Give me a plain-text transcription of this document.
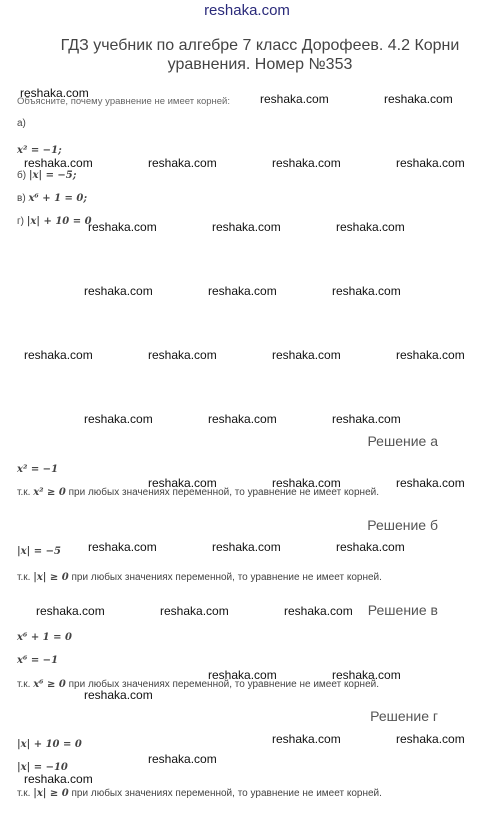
reshaka.com
ГДЗ учебник по алгебре 7 класс Дорофеев. 4.2 Корни уравнения. Номер №353
Объясните, почему уравнение не имеет корней:
а)
x² = −1;
б) |x| = −5;
в) x⁶ + 1 = 0;
г) |x| + 10 = 0
Решение а
x² = −1
т.к. x² ≥ 0 при любых значениях переменной, то уравнение не имеет корней.
Решение б
|x| = −5
т.к. |x| ≥ 0 при любых значениях переменной, то уравнение не имеет корней.
Решение в
x⁶ + 1 = 0
x⁶ = −1
т.к. x⁶ ≥ 0 при любых значениях переменной, то уравнение не имеет корней.
Решение г
|x| + 10 = 0
|x| = −10
т.к. |x| ≥ 0 при любых значениях переменной, то уравнение не имеет корней.
reshaka.com	reshaka.com	reshaka.com
reshaka.com	reshaka.com	reshaka.com	reshaka.com
reshaka.com	reshaka.com	reshaka.com
reshaka.com	reshaka.com	reshaka.com
reshaka.com	reshaka.com	reshaka.com	reshaka.com
reshaka.com	reshaka.com	reshaka.com
reshaka.com	reshaka.com	reshaka.com
reshaka.com	reshaka.com	reshaka.com
reshaka.com	reshaka.com	reshaka.com
reshaka.com	reshaka.com
reshaka.com
reshaka.com	reshaka.com
reshaka.com
reshaka.com
